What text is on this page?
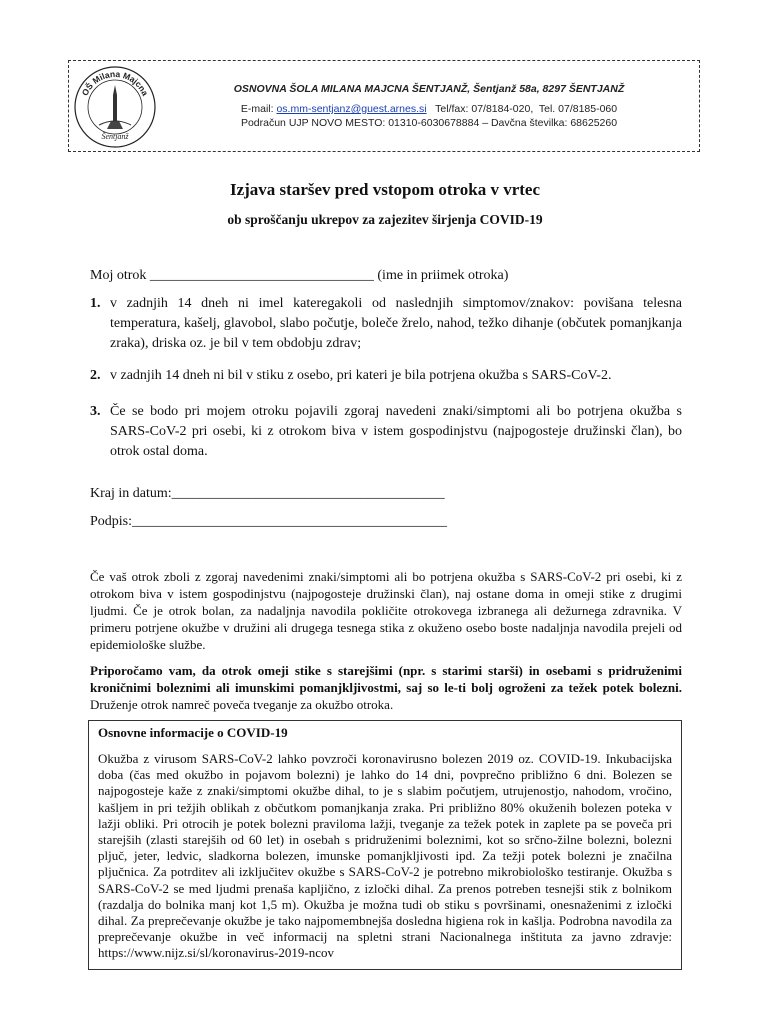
OŠ Milana Majcna
Šentjanž
OSNOVNA ŠOLA MILANA MAJCNA ŠENTJANŽ, Šentjanž 58a, 8297 ŠENTJANŽ
E-mail: os.mm-sentjanz@guest.arnes.si   Tel/fax: 07/8184-020,  Tel. 07/8185-060
Podračun UJP NOVO MESTO: 01310-6030678884 – Davčna številka: 68625260
Izjava staršev pred vstopom otroka v vrtec
ob sproščanju ukrepov za zajezitev širjenja COVID-19
Moj otrok ________________________________ (ime in priimek otroka)
1. v zadnjih 14 dneh ni imel kateregakoli od naslednjih simptomov/znakov: povišana telesna temperatura, kašelj, glavobol, slabo počutje, boleče žrelo, nahod, težko dihanje (občutek pomanjkanja zraka), driska oz. je bil v tem obdobju zdrav;
2. v zadnjih 14 dneh ni bil v stiku z osebo, pri kateri je bila potrjena okužba s SARS-CoV-2.
3. Če se bodo pri mojem otroku pojavili zgoraj navedeni znaki/simptomi ali bo potrjena okužba s SARS-CoV-2 pri osebi, ki z otrokom biva v istem gospodinjstvu (najpogosteje družinski član), bo otrok ostal doma.
Kraj in datum:_______________________________________
Podpis:_____________________________________________
Če vaš otrok zboli z zgoraj navedenimi znaki/simptomi ali bo potrjena okužba s SARS-CoV-2 pri osebi, ki z otrokom biva v istem gospodinjstvu (najpogosteje družinski član), naj ostane doma in omeji stike z drugimi ljudmi. Če je otrok bolan, za nadaljnja navodila pokličite otrokovega izbranega ali dežurnega zdravnika. V primeru potrjene okužbe v družini ali drugega tesnega stika z okuženo osebo boste nadaljnja navodila prejeli od epidemiološke službe.
Priporočamo vam, da otrok omeji stike s starejšimi (npr. s starimi starši) in osebami s pridruženimi kroničnimi boleznimi ali imunskimi pomanjkljivostmi, saj so le-ti bolj ogroženi za težek potek bolezni. Druženje otrok namreč poveča tveganje za okužbo otroka.
Osnovne informacije o COVID-19
Okužba z virusom SARS-CoV-2 lahko povzroči koronavirusno bolezen 2019 oz. COVID-19. Inkubacijska doba (čas med okužbo in pojavom bolezni) je lahko do 14 dni, povprečno približno 6 dni. Bolezen se najpogosteje kaže z znaki/simptomi okužbe dihal, to je s slabim počutjem, utrujenostjo, nahodom, vročino, kašljem in pri težjih oblikah z občutkom pomanjkanja zraka. Pri približno 80% okuženih bolezen poteka v lažji obliki. Pri otrocih je potek bolezni praviloma lažji, tveganje za težek potek in zaplete pa se poveča pri starejših (zlasti starejših od 60 let) in osebah s pridruženimi boleznimi, kot so srčno-žilne bolezni, bolezni pljuč, jeter, ledvic, sladkorna bolezen, imunske pomanjkljivosti ipd. Za težji potek bolezni je značilna pljučnica. Za potrditev ali izključitev okužbe s SARS-CoV-2 je potrebno mikrobiološko testiranje. Okužba s SARS-CoV-2 se med ljudmi prenaša kapljično, z izločki dihal. Za prenos potreben tesnejši stik z bolnikom (razdalja do bolnika manj kot 1,5 m). Okužba je možna tudi ob stiku s površinami, onesnaženimi z izločki dihal. Za preprečevanje okužbe je tako najpomembnejša dosledna higiena rok in kašlja. Podrobna navodila za preprečevanje okužbe in več informacij na spletni strani Nacionalnega inštituta za javno zdravje: https://www.nijz.si/sl/koronavirus-2019-ncov
